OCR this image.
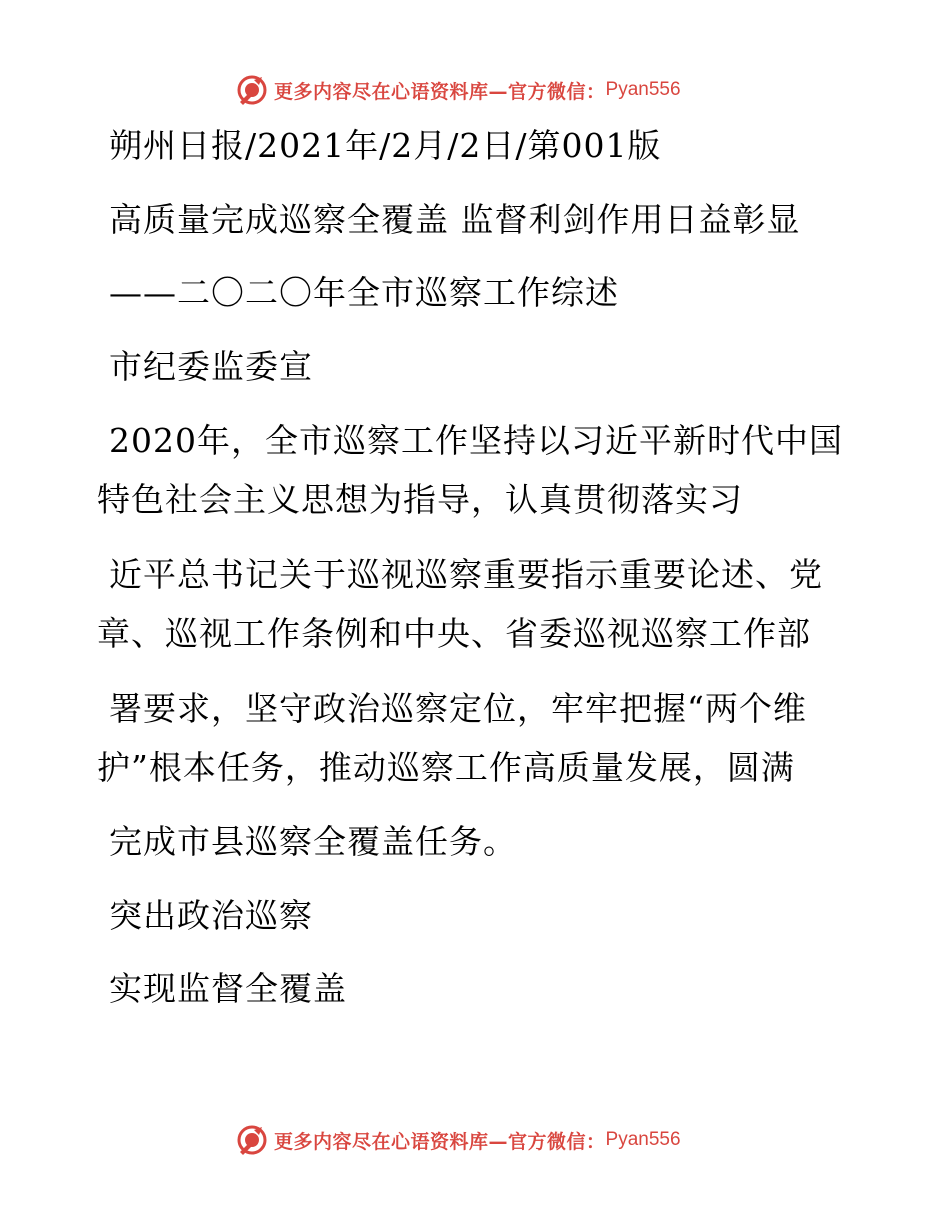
更多内容尽在心语资料库—官方微信： Pyan556
朔州日报/2021年/2月/2日/第001版
高质量完成巡察全覆盖 监督利剑作用日益彰显
——二〇二〇年全市巡察工作综述
市纪委监委宣
2020年，全市巡察工作坚持以习近平新时代中国
特色社会主义思想为指导，认真贯彻落实习
近平总书记关于巡视巡察重要指示重要论述、党
章、巡视工作条例和中央、省委巡视巡察工作部
署要求，坚守政治巡察定位，牢牢把握“两个维
护”根本任务，推动巡察工作高质量发展，圆满
完成市县巡察全覆盖任务。
突出政治巡察
实现监督全覆盖
更多内容尽在心语资料库—官方微信： Pyan556
